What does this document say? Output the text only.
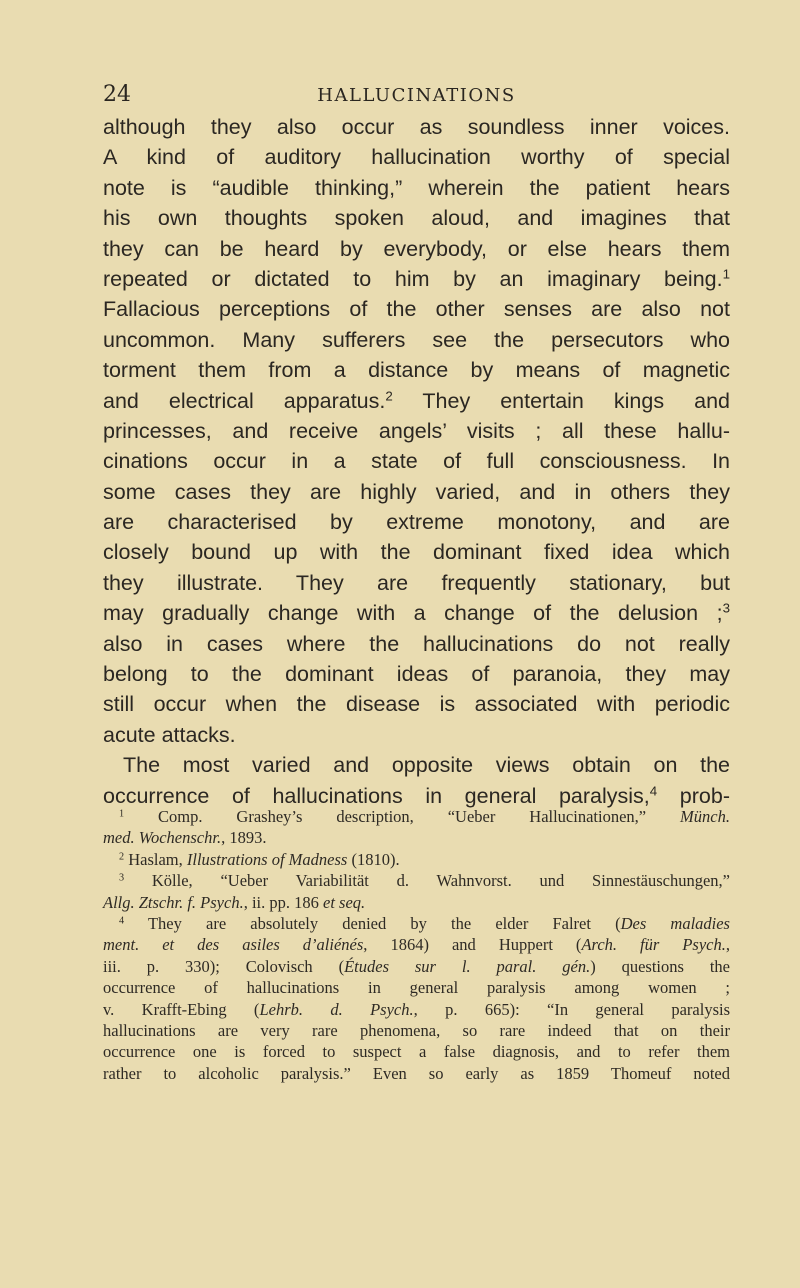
24	HALLUCINATIONS
although they also occur as soundless inner voices.
A kind of auditory hallucination worthy of special
note is “audible thinking,” wherein the patient hears
his own thoughts spoken aloud, and imagines that
they can be heard by everybody, or else hears them
repeated or dictated to him by an imaginary being.$^1$
Fallacious perceptions of the other senses are also not
uncommon. Many sufferers see the persecutors who
torment them from a distance by means of magnetic
and electrical apparatus.$^2$ They entertain kings and
princesses, and receive angels’ visits ; all these hallu-
cinations occur in a state of full consciousness. In
some cases they are highly varied, and in others they
are characterised by extreme monotony, and are
closely bound up with the dominant fixed idea which
they illustrate. They are frequently stationary, but
may gradually change with a change of the delusion ;$^3$
also in cases where the hallucinations do not really
belong to the dominant ideas of paranoia, they may
still occur when the disease is associated with periodic
acute attacks.
The most varied and opposite views obtain on the
occurrence of hallucinations in general paralysis,$^4$ prob-
$^1$ Comp. Grashey’s description, “Ueber Hallucinationen,” Münch.
med. Wochenschr., 1893.
$^2$ Haslam, Illustrations of Madness (1810).
$^3$ Kölle, “Ueber Variabilität d. Wahnvorst. und Sinnestäuschungen,”
Allg. Ztschr. f. Psych., ii. pp. 186 et seq.
$^4$ They are absolutely denied by the elder Falret (Des maladies
ment. et des asiles d’aliénés, 1864) and Huppert (Arch. für Psych.,
iii. p. 330); Colovisch (Études sur l. paral. gén.) questions the
occurrence of hallucinations in general paralysis among women ;
v. Krafft-Ebing (Lehrb. d. Psych., p. 665): “In general paralysis
hallucinations are very rare phenomena, so rare indeed that on their
occurrence one is forced to suspect a false diagnosis, and to refer them
rather to alcoholic paralysis.” Even so early as 1859 Thomeuf noted
